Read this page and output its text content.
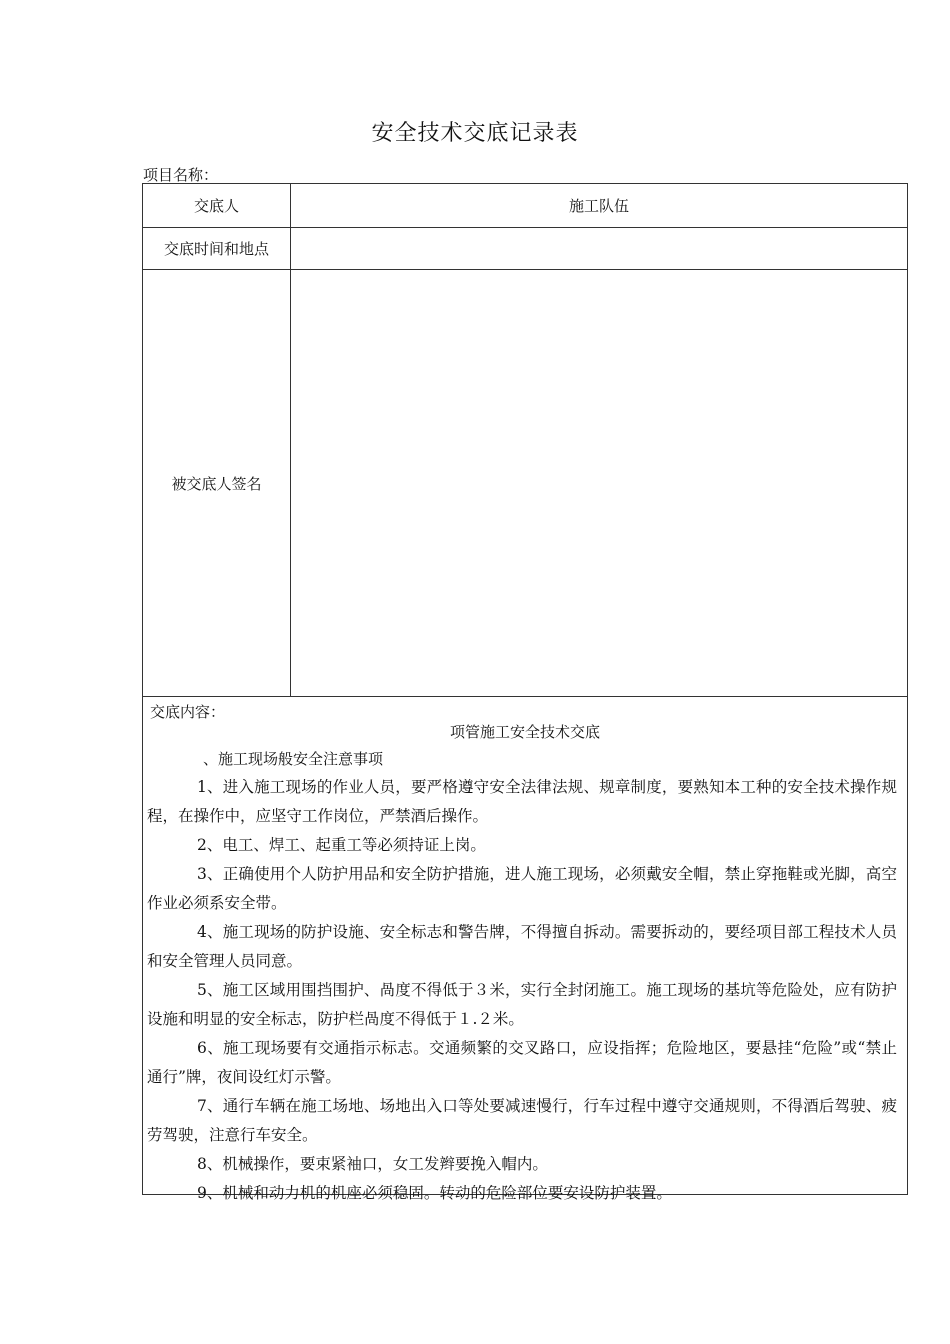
安全技术交底记录表
项目名称：
交底人	施工队伍
交底时间和地点
被交底人签名
交底内容：
项管施工安全技术交底
、施工现场般安全注意事项

1、进入施工现场的作业人员，要严格遵守安全法律法规、规章制度，要熟知本工种的安全技术操作规程，在操作中，应坚守工作岗位，严禁酒后操作。

2、电工、焊工、起重工等必须持证上岗。

3、正确使用个人防护用品和安全防护措施，进人施工现场，必须戴安全帽，禁止穿拖鞋或光脚，高空作业必须系安全带。

4、施工现场的防护设施、安全标志和警告牌，不得擅自拆动。需要拆动的，要经项目部工程技术人员和安全管理人员同意。

5、施工区域用围挡围护、咼度不得低于３米，实行全封闭施工。施工现场的基坑等危险处，应有防护设施和明显的安全标志，防护栏咼度不得低于１.２米。

6、施工现场要有交通指示标志。交通频繁的交叉路口，应设指挥；危险地区，要悬挂“危险”或“禁止通行”牌，夜间设红灯示警。

7、通行车辆在施工场地、场地出入口等处要减速慢行，行车过程中遵守交通规则，不得酒后驾驶、疲劳驾驶，注意行车安全。

8、机械操作，要束紧袖口，女工发辫要挽入帽内。

9、机械和动力机的机座必须稳固。转动的危险部位要安设防护装置。
